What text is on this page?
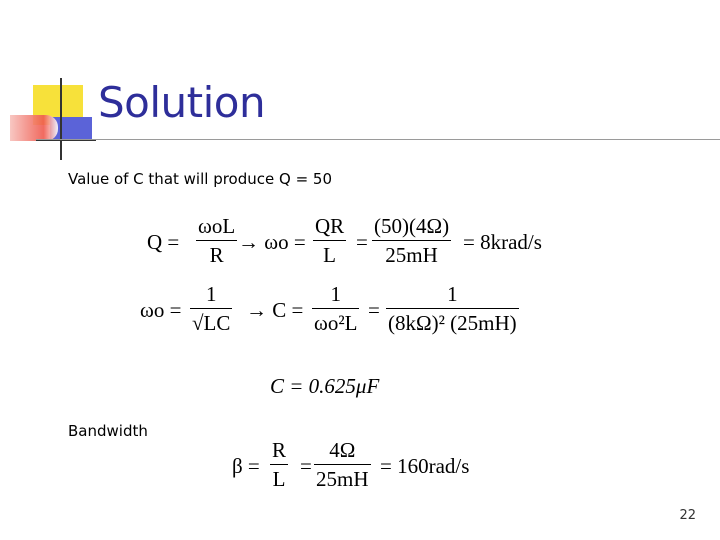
Solution
Value of C that will produce Q = 50
Q =
ωoL
R
→ ωo =
QR
L
=
(50)(4Ω)
25mH
= 8krad/s
ωo =
1
√LC
→ C =
1
ωo²L
=
1
(8kΩ)² (25mH)
C = 0.625μF
Bandwidth
β =
R
L
=
4Ω
25mH
= 160rad/s
22
